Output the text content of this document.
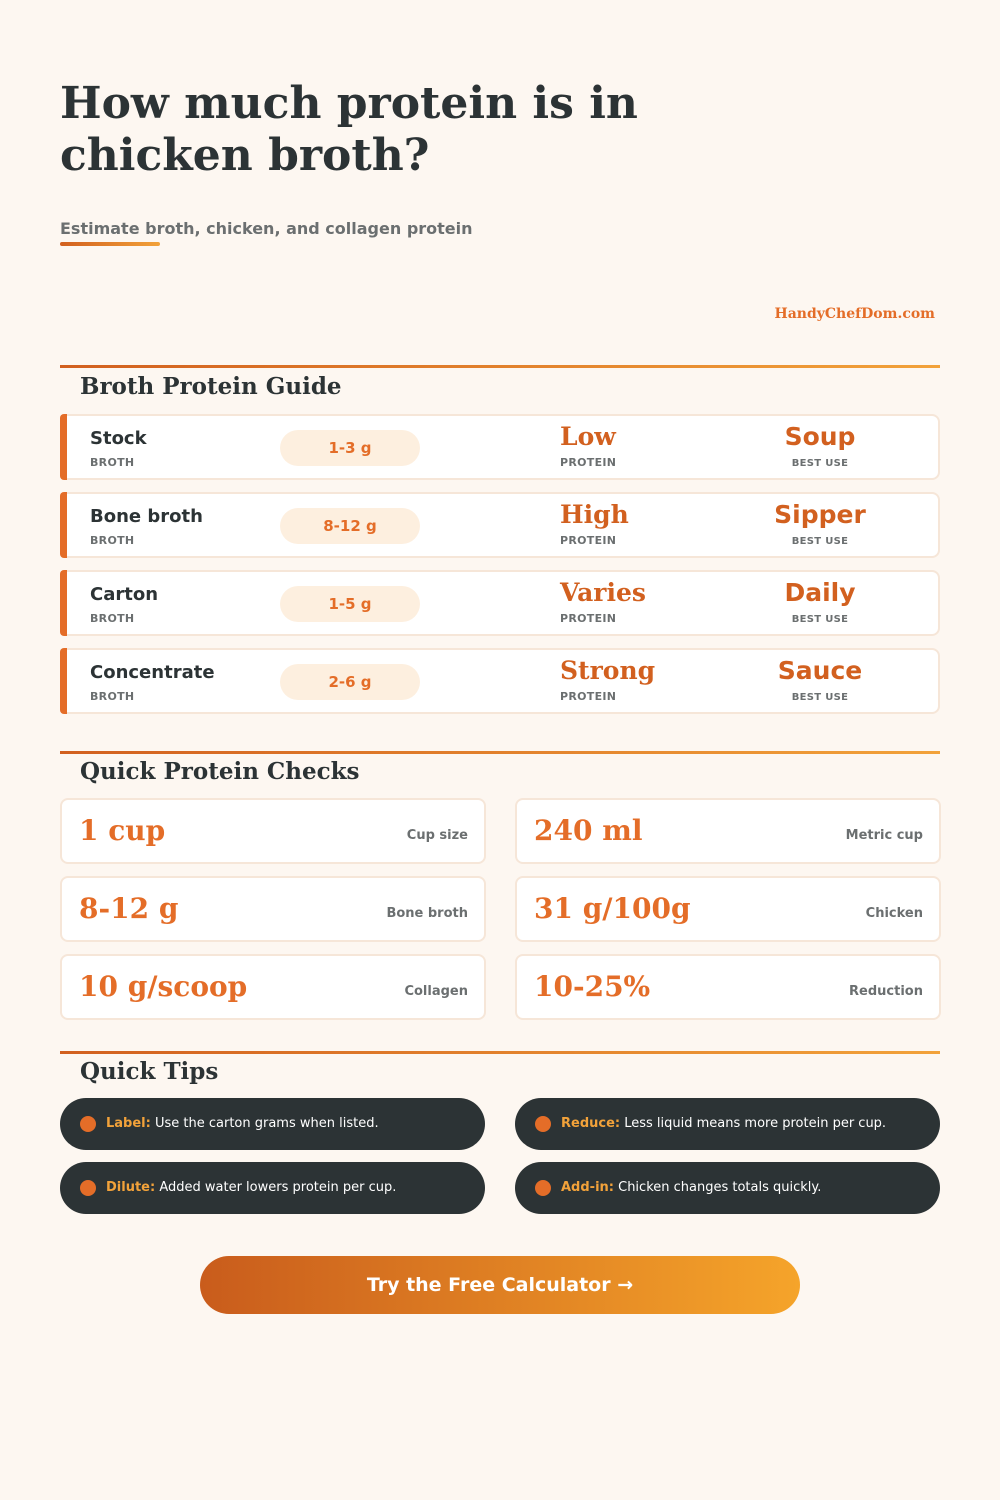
How much protein is in chicken broth?
Estimate broth, chicken, and collagen protein
HandyChefDom.com
Broth Protein Guide
Stock
BROTH
1-3 g	Low
PROTEIN
Soup
BEST USE
Bone broth
BROTH
8-12 g	High
PROTEIN
Sipper
BEST USE
Carton
BROTH
1-5 g	Varies
PROTEIN
Daily
BEST USE
Concentrate
BROTH
2-6 g	Strong
PROTEIN
Sauce
BEST USE
Quick Protein Checks
1 cup	Cup size 240 ml	Metric cup
8-12 g	Bone broth 31 g/100g	Chicken
10 g/scoop	Collagen 10-25%	Reduction
Quick Tips
Label: Use the carton grams when listed.	Reduce: Less liquid means more protein per cup.
Dilute: Added water lowers protein per cup.	Add-in: Chicken changes totals quickly.
Try the Free Calculator →
